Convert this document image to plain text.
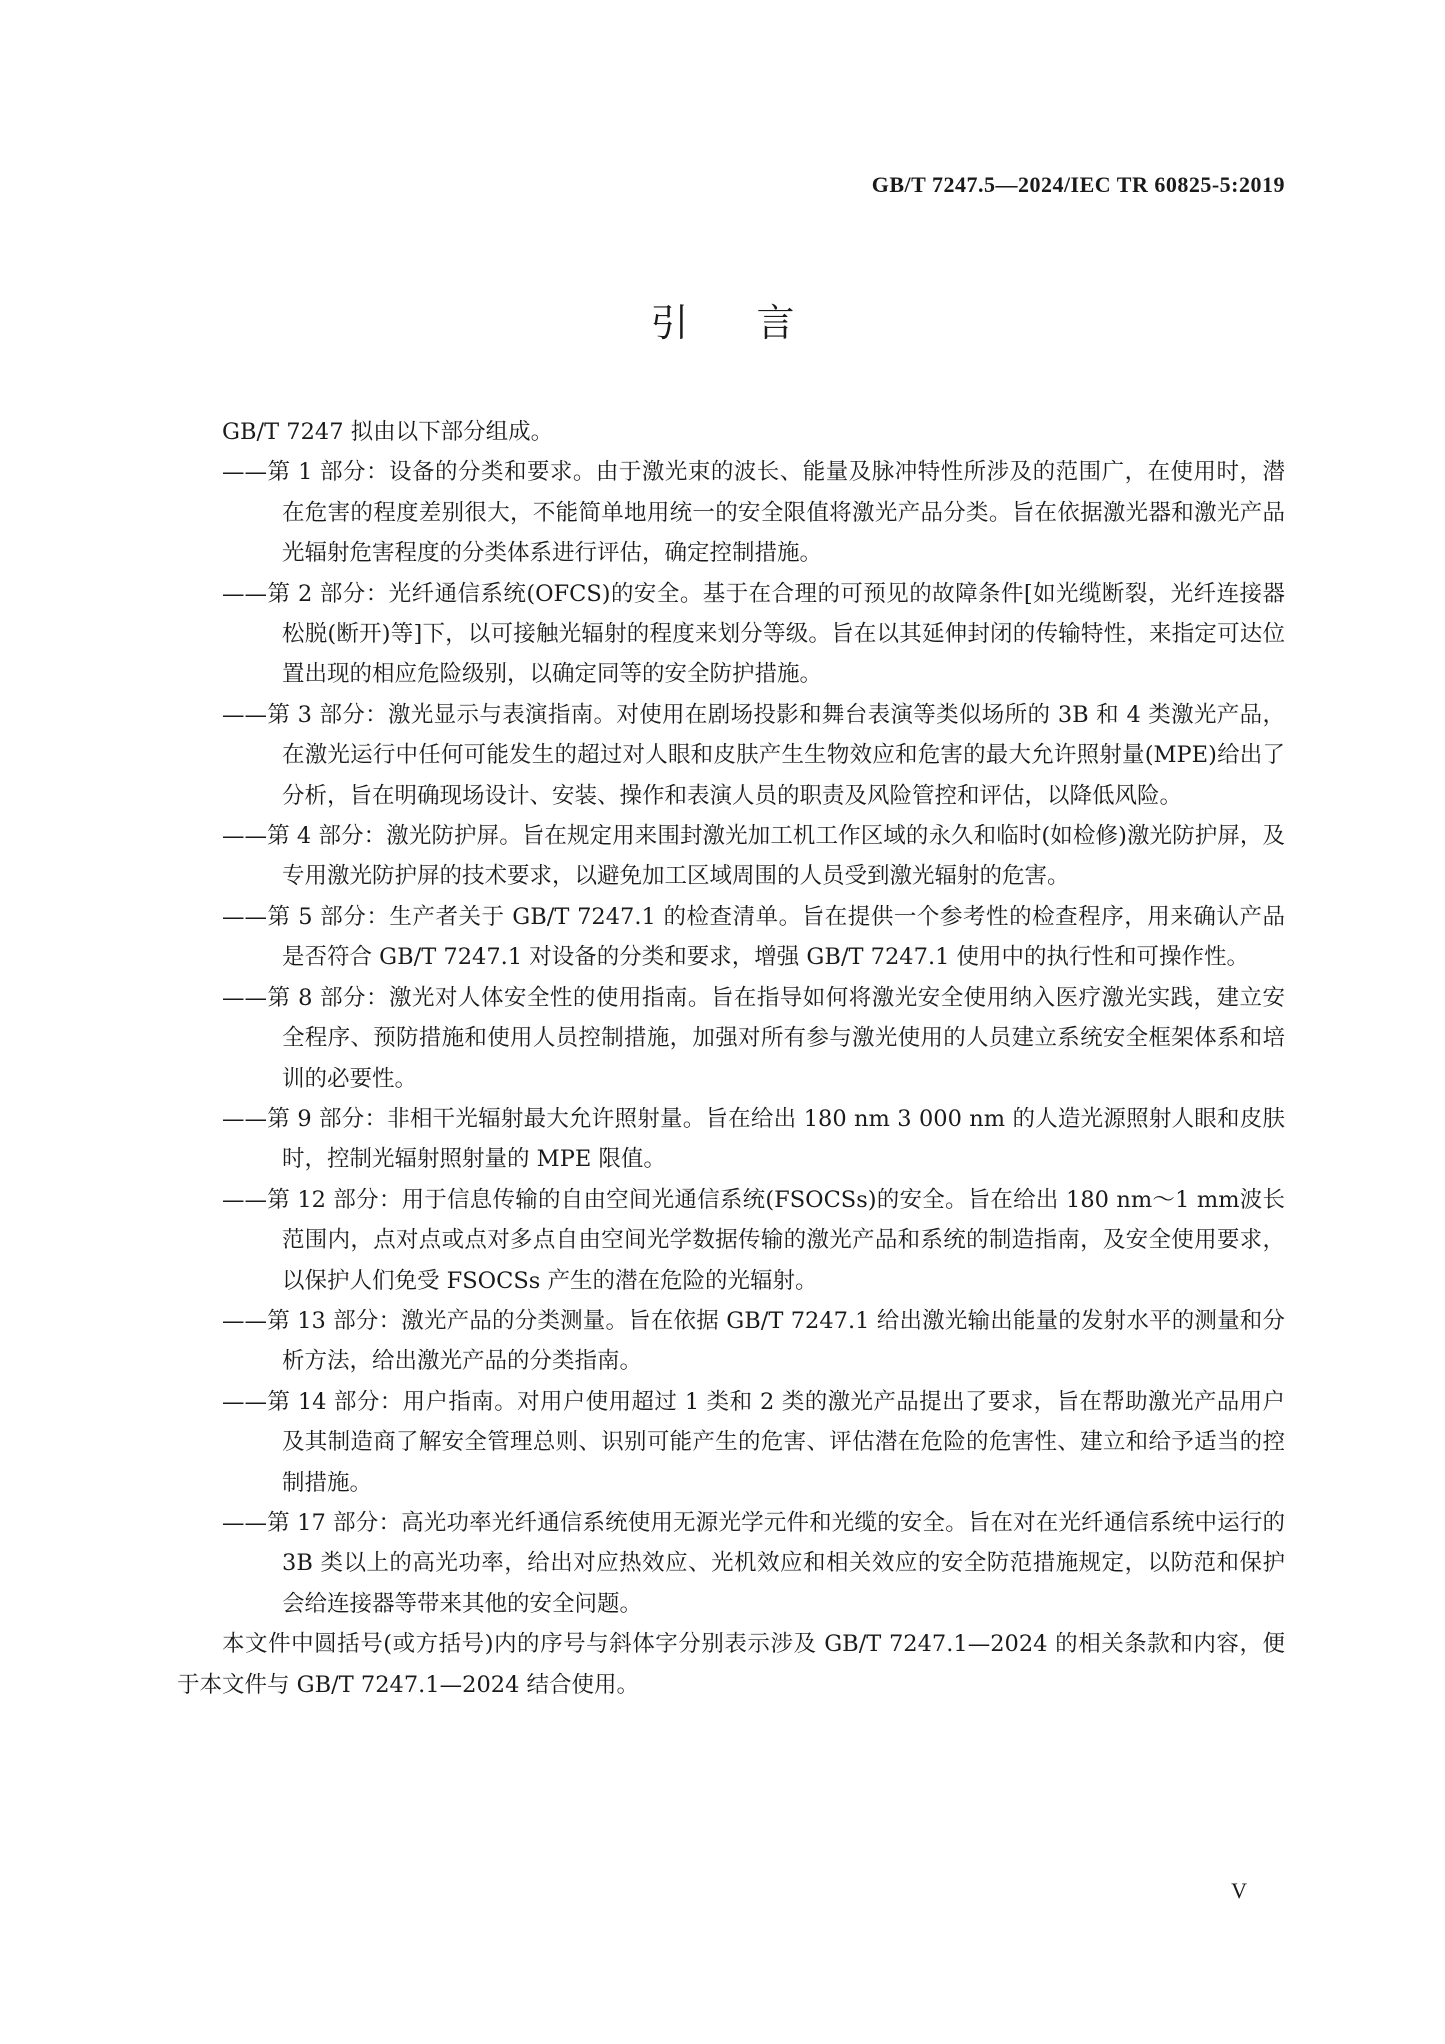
GB/T 7247.5—2024/IEC TR 60825-5:2019
引言

GB/T 7247 拟由以下部分组成。

——第 1 部分：设备的分类和要求。由于激光束的波长、能量及脉冲特性所涉及的范围广，在使用时，潜在危害的程度差别很大，不能简单地用统一的安全限值将激光产品分类。旨在依据激光器和激光产品光辐射危害程度的分类体系进行评估，确定控制措施。

——第 2 部分：光纤通信系统(OFCS)的安全。基于在合理的可预见的故障条件[如光缆断裂，光纤连接器松脱(断开)等]下，以可接触光辐射的程度来划分等级。旨在以其延伸封闭的传输特性，来指定可达位置出现的相应危险级别，以确定同等的安全防护措施。

——第 3 部分：激光显示与表演指南。对使用在剧场投影和舞台表演等类似场所的 3B 和 4 类激光产品，在激光运行中任何可能发生的超过对人眼和皮肤产生生物效应和危害的最大允许照射量(MPE)给出了分析，旨在明确现场设计、安装、操作和表演人员的职责及风险管控和评估，以降低风险。

——第 4 部分：激光防护屏。旨在规定用来围封激光加工机工作区域的永久和临时(如检修)激光防护屏，及专用激光防护屏的技术要求，以避免加工区域周围的人员受到激光辐射的危害。

——第 5 部分：生产者关于 GB/T 7247.1 的检查清单。旨在提供一个参考性的检查程序，用来确认产品是否符合 GB/T 7247.1 对设备的分类和要求，增强 GB/T 7247.1 使用中的执行性和可操作性。

——第 8 部分：激光对人体安全性的使用指南。旨在指导如何将激光安全使用纳入医疗激光实践，建立安全程序、预防措施和使用人员控制措施，加强对所有参与激光使用的人员建立系统安全框架体系和培训的必要性。

——第 9 部分：非相干光辐射最大允许照射量。旨在给出 180 nm 3 000 nm 的人造光源照射人眼和皮肤时，控制光辐射照射量的 MPE 限值。

——第 12 部分：用于信息传输的自由空间光通信系统(FSOCSs)的安全。旨在给出 180 nm～1 mm波长范围内，点对点或点对多点自由空间光学数据传输的激光产品和系统的制造指南，及安全使用要求，以保护人们免受 FSOCSs 产生的潜在危险的光辐射。

——第 13 部分：激光产品的分类测量。旨在依据 GB/T 7247.1 给出激光输出能量的发射水平的测量和分析方法，给出激光产品的分类指南。

——第 14 部分：用户指南。对用户使用超过 1 类和 2 类的激光产品提出了要求，旨在帮助激光产品用户及其制造商了解安全管理总则、识别可能产生的危害、评估潜在危险的危害性、建立和给予适当的控制措施。

——第 17 部分：高光功率光纤通信系统使用无源光学元件和光缆的安全。旨在对在光纤通信系统中运行的 3B 类以上的高光功率，给出对应热效应、光机效应和相关效应的安全防范措施规定，以防范和保护会给连接器等带来其他的安全问题。

本文件中圆括号(或方括号)内的序号与斜体字分别表示涉及 GB/T 7247.1—2024 的相关条款和内容，便于本文件与 GB/T 7247.1—2024 结合使用。

V
